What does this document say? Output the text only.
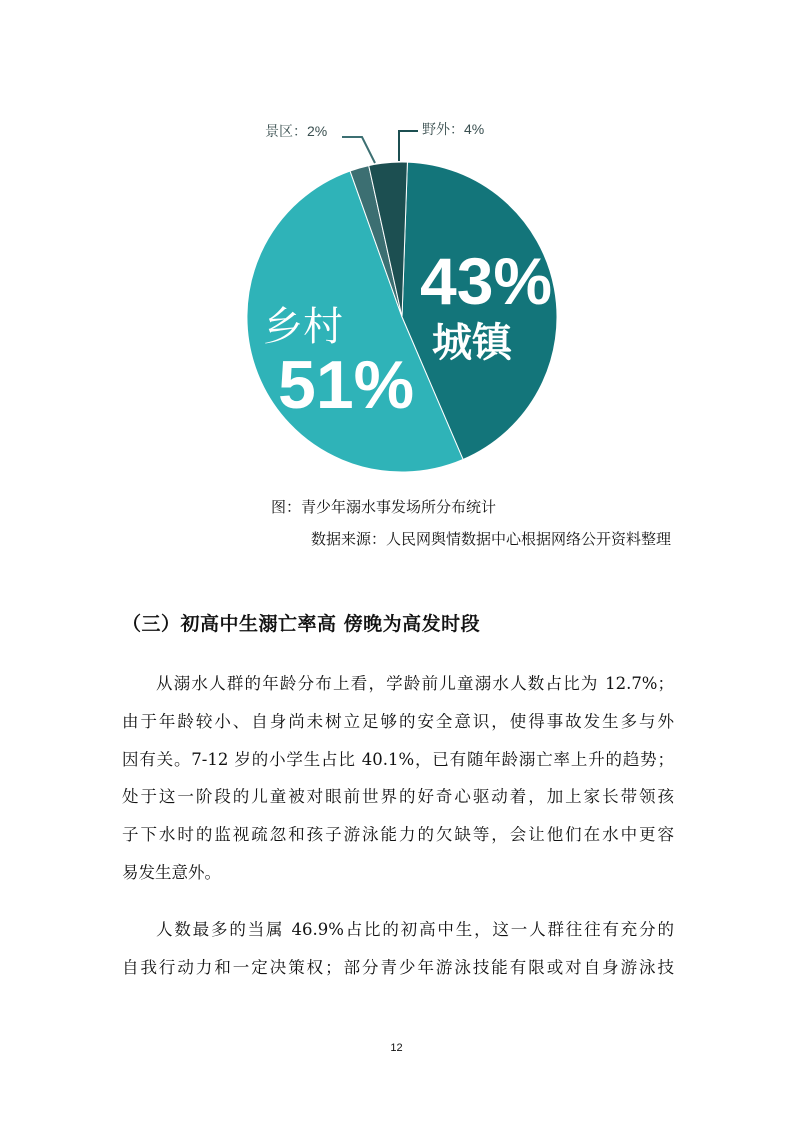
景区：2%	野外：4%
43%
城镇
乡村
51%
图：青少年溺水事发场所分布统计
数据来源：人民网舆情数据中心根据网络公开资料整理
（三）初高中生溺亡率高 傍晚为高发时段
从溺水人群的年龄分布上看，学龄前儿童溺水人数占比为 12.7%；
由于年龄较小、自身尚未树立足够的安全意识，使得事故发生多与外
因有关。7-12 岁的小学生占比 40.1%，已有随年龄溺亡率上升的趋势；
处于这一阶段的儿童被对眼前世界的好奇心驱动着，加上家长带领孩
子下水时的监视疏忽和孩子游泳能力的欠缺等，会让他们在水中更容
易发生意外。
人数最多的当属 46.9%占比的初高中生，这一人群往往有充分的
自我行动力和一定决策权；部分青少年游泳技能有限或对自身游泳技
12
